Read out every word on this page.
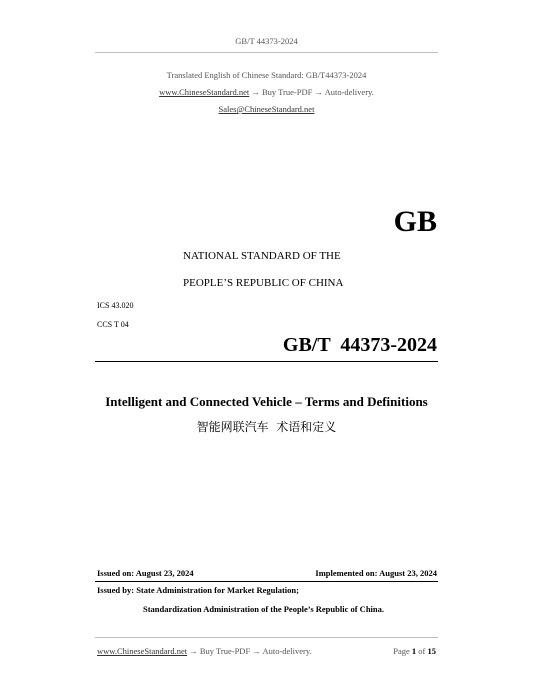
GB/T 44373-2024
Translated English of Chinese Standard: GB/T44373-2024
www.ChineseStandard.net → Buy True-PDF → Auto-delivery.
Sales@ChineseStandard.net
GB
NATIONAL STANDARD OF THE
PEOPLE’S REPUBLIC OF CHINA
ICS 43.020
CCS T 04
GB/T  44373-2024
Intelligent and Connected Vehicle – Terms and Definitions
智能网联汽车  术语和定义
Issued on: August 23, 2024	Implemented on: August 23, 2024
Issued by: State Administration for Market Regulation;
Standardization Administration of the People’s Republic of China.
www.ChineseStandard.net → Buy True-PDF → Auto-delivery.	Page 1 of 15
